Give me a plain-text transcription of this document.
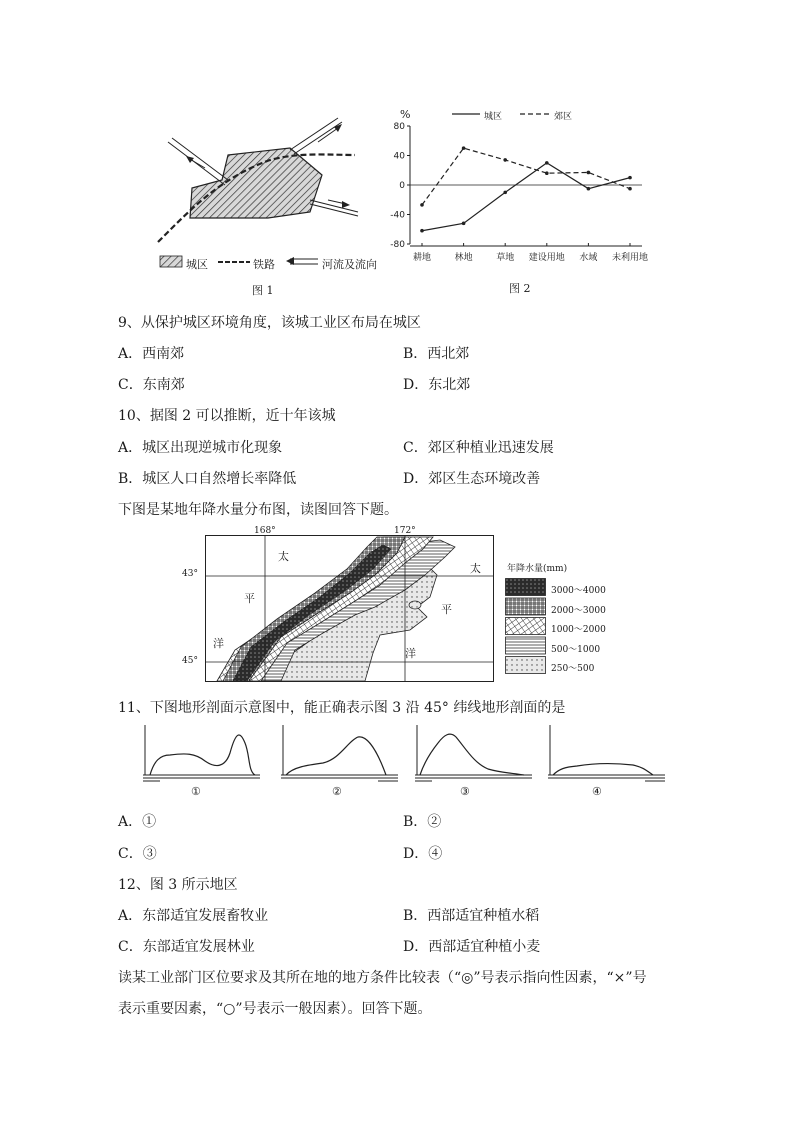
城区	铁路	河流及流向
图 1
%	城区	郊区
80
40
0
-40
-80
耕地	林地	草地 建设用地 水域 未利用地
图 2
9、从保护城区环境角度，该城工业区布局在城区
A．西南郊	B．西北郊
C．东南郊	D．东北郊
10、据图 2 可以推断，近十年该城
A．城区出现逆城市化现象	C．郊区种植业迅速发展
B．城区人口自然增长率降低	D．郊区生态环境改善
下图是某地年降水量分布图，读图回答下题。
168°	172°
43°
45°
太
平
洋
太
平
洋
年降水量(mm)
3000～4000
2000～3000
1000～2000
500～1000
250～500
11、下图地形剖面示意图中，能正确表示图 3 沿 45° 纬线地形剖面的是
①	②	③	④
A．①	B．②
C．③	D．④
12、图 3 所示地区
A．东部适宜发展畜牧业	B．西部适宜种植水稻
C．东部适宜发展林业	D．西部适宜种植小麦
读某工业部门区位要求及其所在地的地方条件比较表（“◎”号表示指向性因素，“×”号
表示重要因素，“○”号表示一般因素）。回答下题。
